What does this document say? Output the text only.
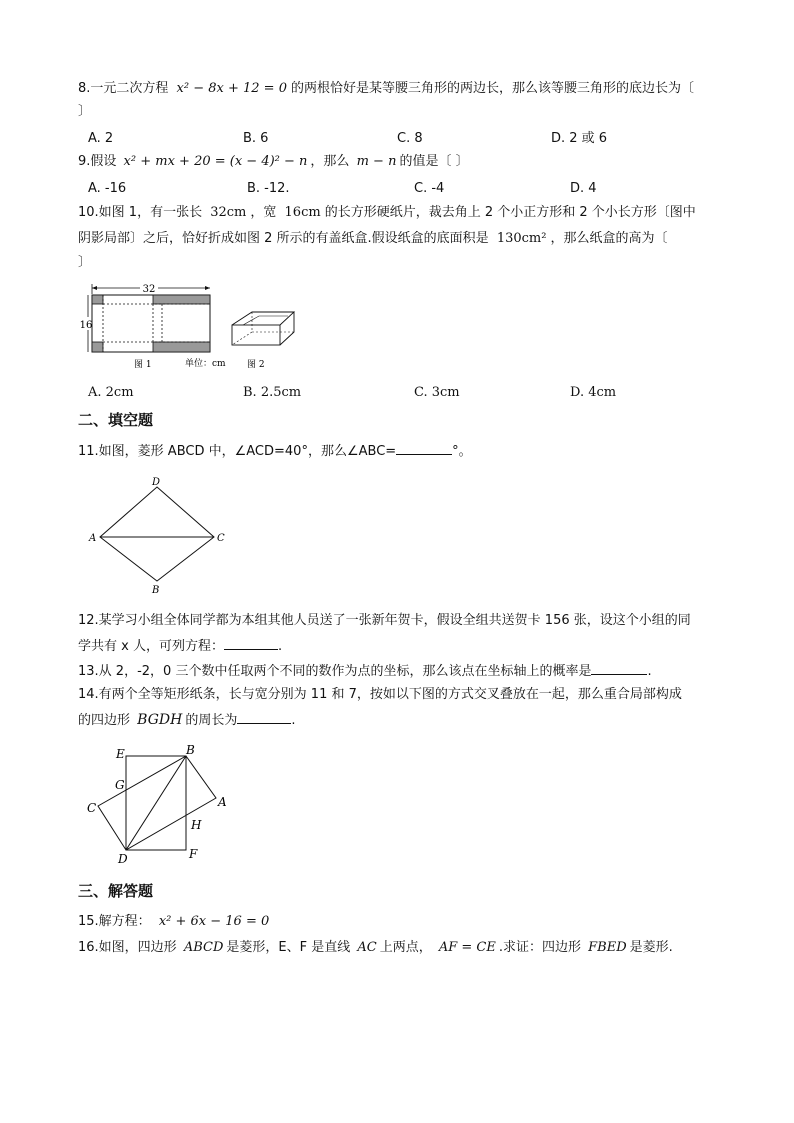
8.一元二次方程 x² − 8x + 12 = 0 的两根恰好是某等腰三角形的两边长，那么该等腰三角形的底边长为〔
〕
A. 2	B. 6	C. 8	D. 2 或 6
9.假设 x² + mx + 20 = (x − 4)² − n ，那么 m − n 的值是〔 〕
A. -16	B. -12.	C. -4	D. 4
10.如图 1，有一张长 32cm ，宽 16cm 的长方形硬纸片，裁去角上 2 个小正方形和 2 个小长方形〔图中
阴影局部〕之后，恰好折成如图 2 所示的有盖纸盒.假设纸盒的底面积是 130cm² ，那么纸盒的高为〔
〕
32
16
图 1	单位：cm 图 2
A. 2cm	B. 2.5cm	C. 3cm	D. 4cm
二、填空题
11.如图，菱形 ABCD 中，∠ACD=40°，那么∠ABC=	°。
D
A	C
B
12.某学习小组全体同学都为本组其他人员送了一张新年贺卡，假设全组共送贺卡 156 张，设这个小组的同
学共有 x 人，可列方程：	.
13.从 2，-2，0 三个数中任取两个不同的数作为点的坐标，那么该点在坐标轴上的概率是	.
14.有两个全等矩形纸条，长与宽分别为 11 和 7，按如以下图的方式交叉叠放在一起，那么重合局部构成
的四边形 BGDH 的周长为	.
E	B
G
C	A
H
D	F
三、解答题
15.解方程： x² + 6x − 16 = 0
16.如图，四边形 ABCD 是菱形，E、F 是直线 AC 上两点， AF = CE .求证：四边形 FBED 是菱形.
